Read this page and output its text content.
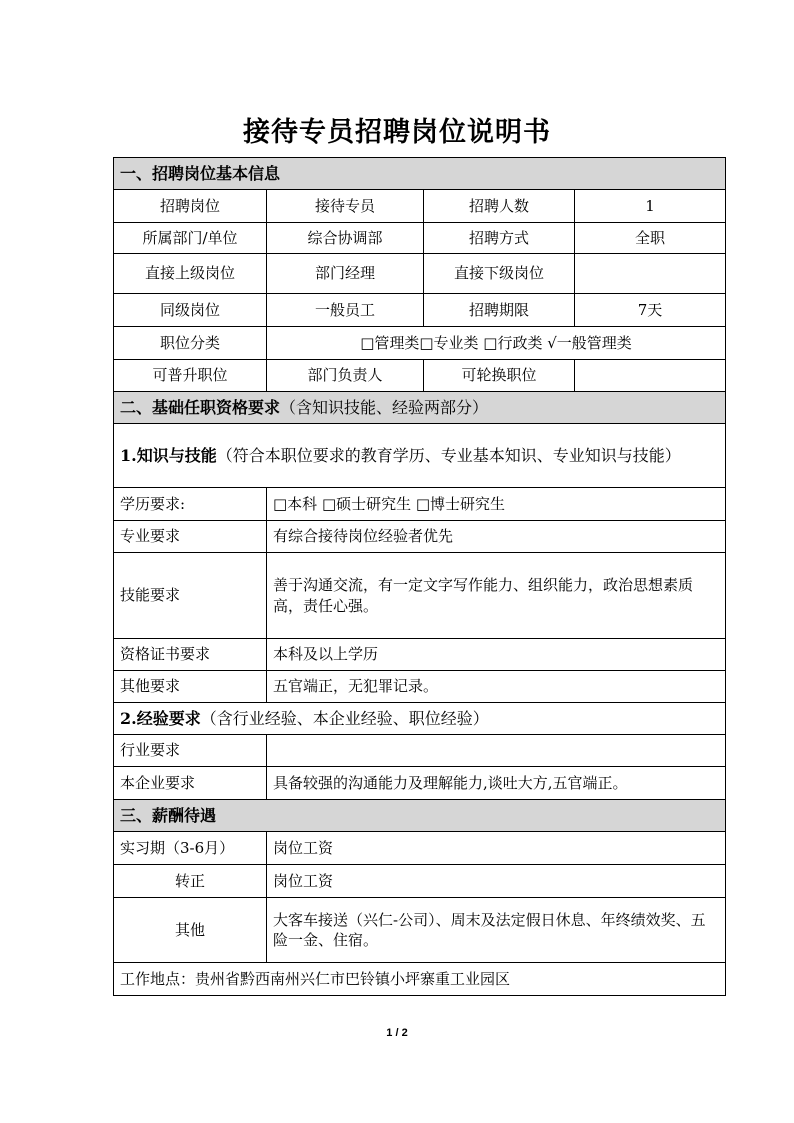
接待专员招聘岗位说明书
一、招聘岗位基本信息			
招聘岗位	接待专员	招聘人数	1
所属部门/单位	综合协调部	招聘方式	全职
直接上级岗位	部门经理	直接下级岗位	
同级岗位	一般员工	招聘期限	7天
职位分类	□管理类□专业类 □行政类 √一般管理类		
可普升职位	部门负责人	可轮换职位	
二、基础任职资格要求（含知识技能、经验两部分）			
1.知识与技能（符合本职位要求的教育学历、专业基本知识、专业知识与技能）			
学历要求:	□本科 □硕士研究生 □博士研究生		
专业要求	有综合接待岗位经验者优先		
技能要求	善于沟通交流，有一定文字写作能力、组织能力，政治思想素质高，责任心强。		
资格证书要求	本科及以上学历		
其他要求	五官端正，无犯罪记录。		
2.经验要求（含行业经验、本企业经验、职位经验）			
行业要求			
本企业要求	具备较强的沟通能力及理解能力,谈吐大方,五官端正。		
三、薪酬待遇			
实习期（3-6月）	岗位工资		
转正	岗位工资		
其他	大客车接送（兴仁-公司）、周末及法定假日休息、年终绩效奖、五险一金、住宿。		
工作地点：贵州省黔西南州兴仁市巴铃镇小坪寨重工业园区			
1 / 2
